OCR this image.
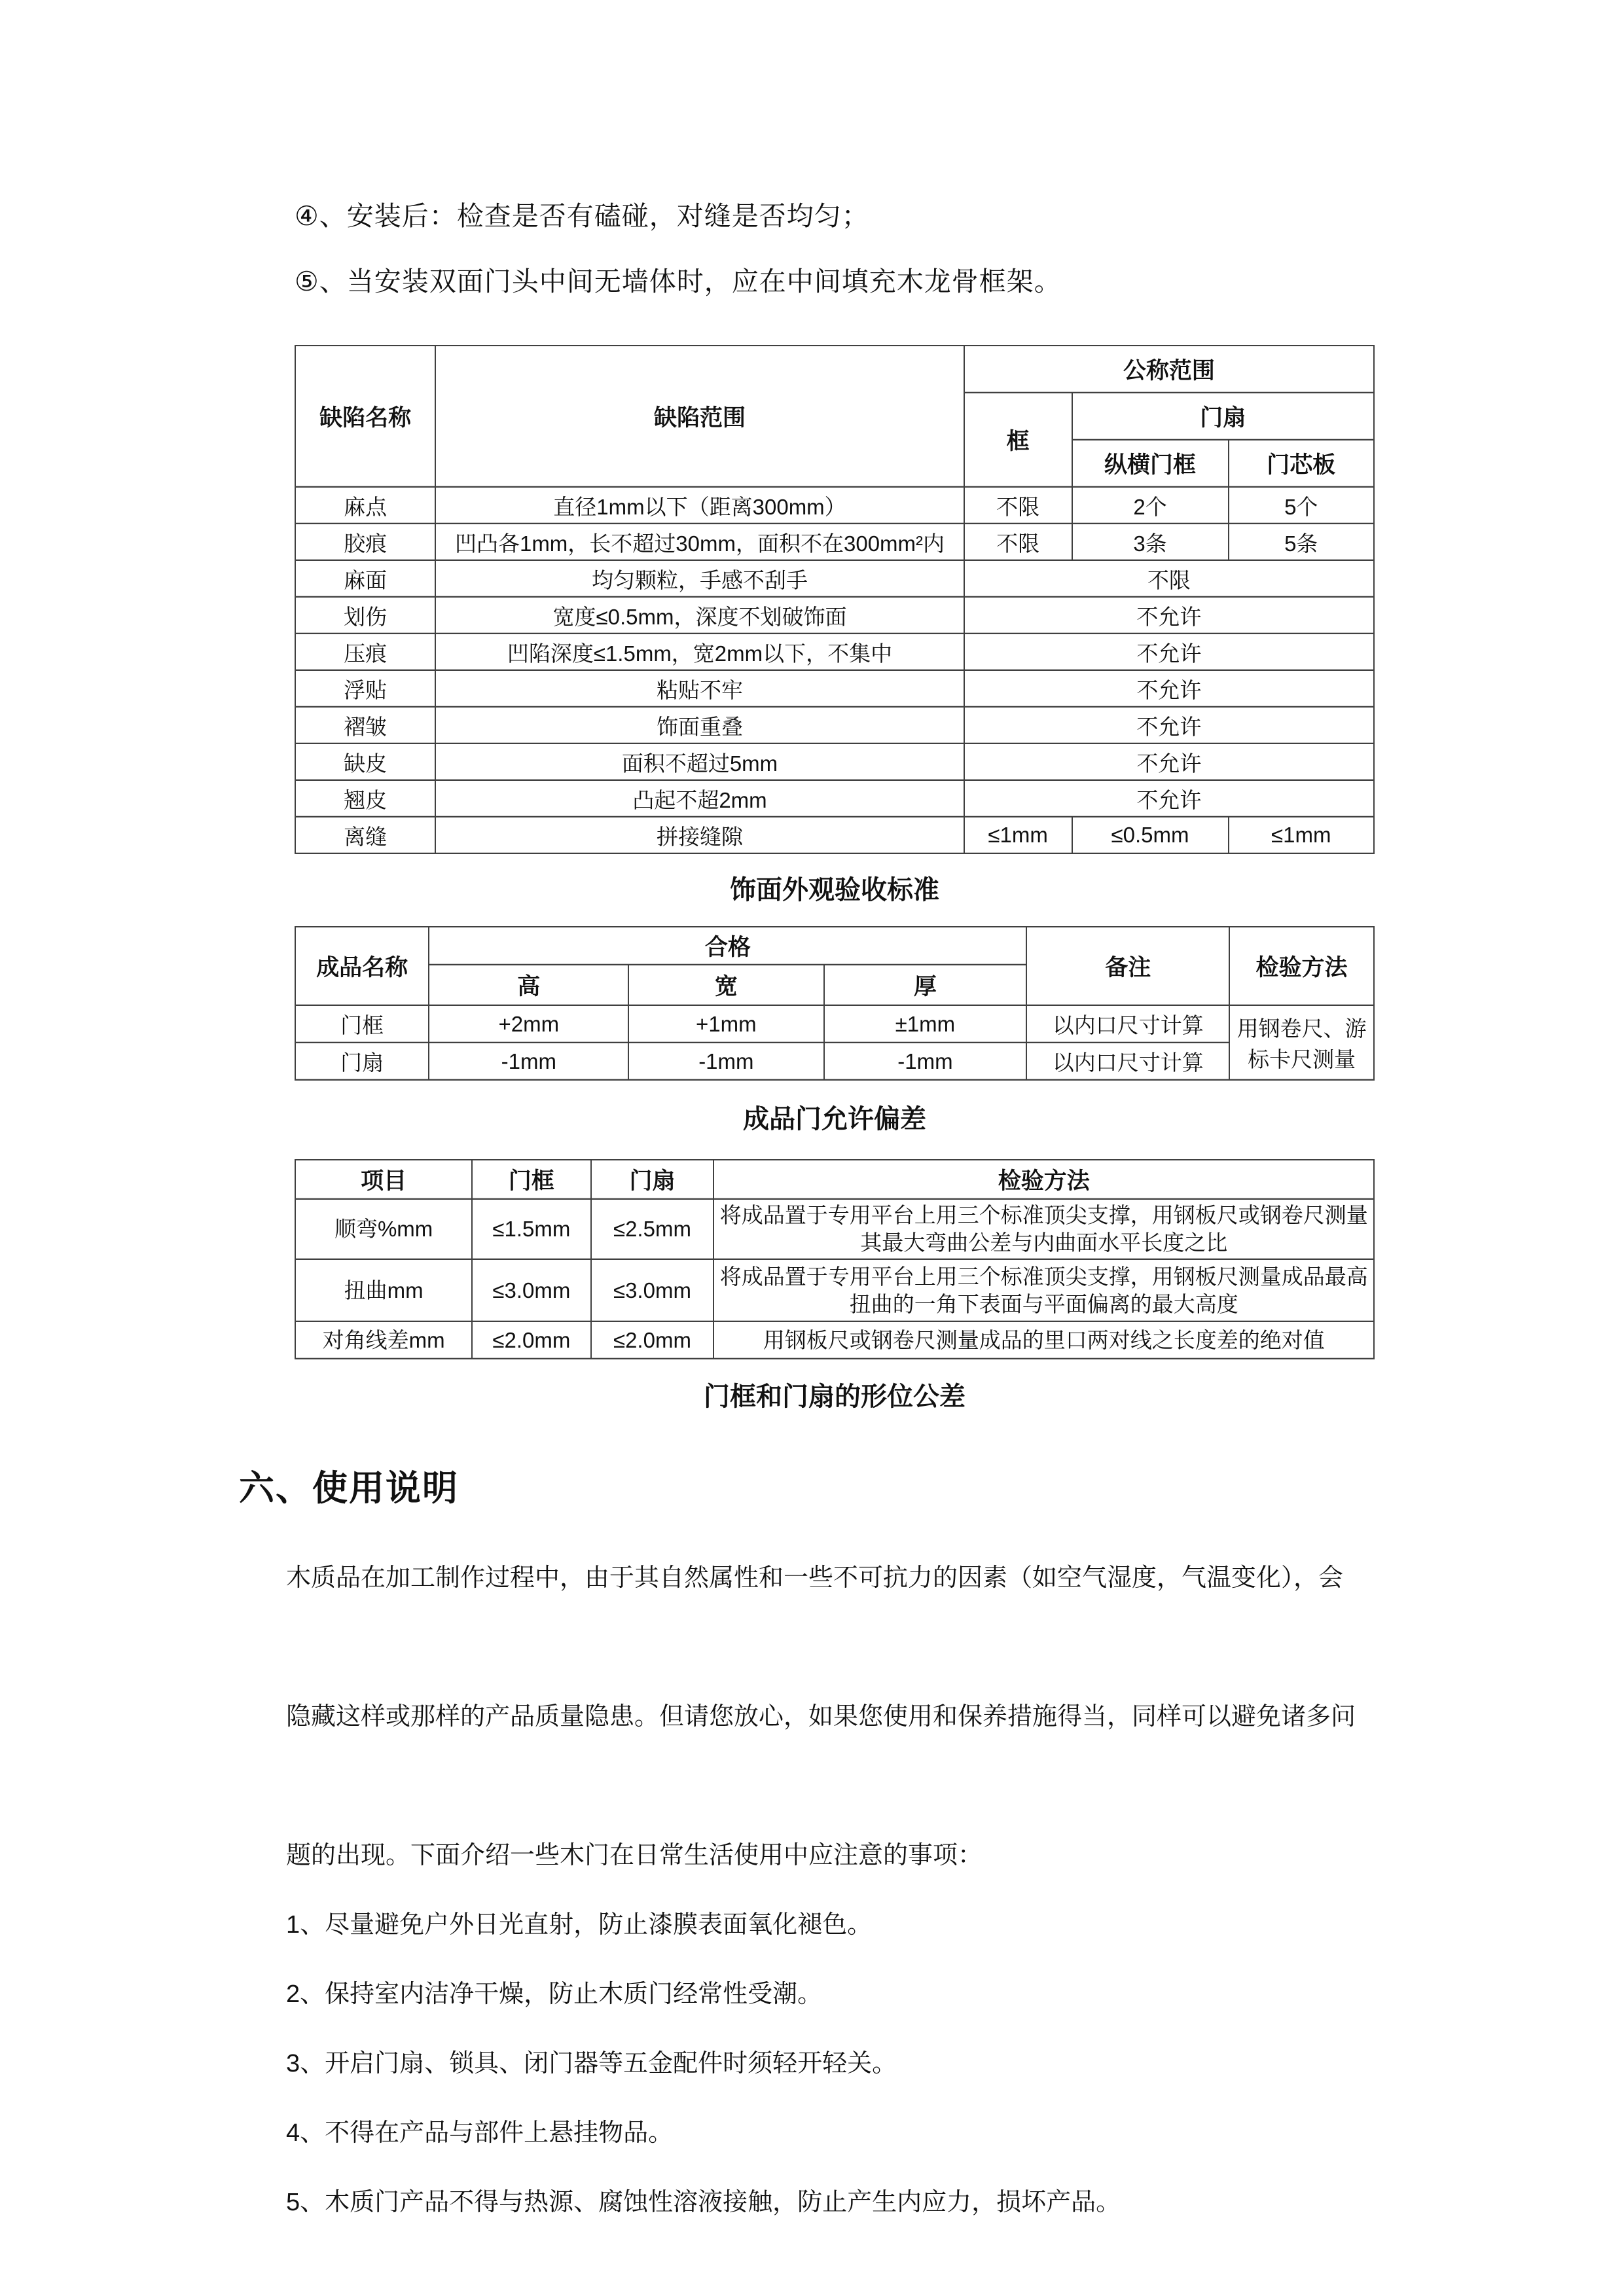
④、安装后：检查是否有磕碰，对缝是否均匀；

⑤、当安装双面门头中间无墙体时，应在中间填充木龙骨框架。

缺陷名称	缺陷范围	公称范围		
		框	门扇	
			纵横门框	门芯板
麻点	直径1mm以下（距离300mm）	不限	2个	5个
胶痕	凹凸各1mm，长不超过30mm，面积不在300mm²内	不限	3条	5条
麻面	均匀颗粒，手感不刮手	不限		
划伤	宽度≤0.5mm，深度不划破饰面	不允许		
压痕	凹陷深度≤1.5mm，宽2mm以下，不集中	不允许		
浮贴	粘贴不牢	不允许		
褶皱	饰面重叠	不允许		
缺皮	面积不超过5mm	不允许		
翘皮	凸起不超2mm	不允许		
离缝	拼接缝隙	≤1mm	≤0.5mm	≤1mm
饰面外观验收标准
成品名称	合格			备注	检验方法
	高	宽	厚		
门框	+2mm	+1mm	±1mm	以内口尺寸计算	用钢卷尺、游标卡尺测量
门扇	-1mm	-1mm	-1mm	以内口尺寸计算	
成品门允许偏差
项目	门框	门扇	检验方法
顺弯%mm	≤1.5mm	≤2.5mm	将成品置于专用平台上用三个标准顶尖支撑，用钢板尺或钢卷尺测量其最大弯曲公差与内曲面水平长度之比
扭曲mm	≤3.0mm	≤3.0mm	将成品置于专用平台上用三个标准顶尖支撑，用钢板尺测量成品最高扭曲的一角下表面与平面偏离的最大高度
对角线差mm	≤2.0mm	≤2.0mm	用钢板尺或钢卷尺测量成品的里口两对线之长度差的绝对值
门框和门扇的形位公差
六、使用说明

木质品在加工制作过程中，由于其自然属性和一些不可抗力的因素（如空气湿度，气温变化），会

隐藏这样或那样的产品质量隐患。但请您放心，如果您使用和保养措施得当，同样可以避免诸多问

题的出现。下面介绍一些木门在日常生活使用中应注意的事项：

1、尽量避免户外日光直射，防止漆膜表面氧化褪色。

2、保持室内洁净干燥，防止木质门经常性受潮。

3、开启门扇、锁具、闭门器等五金配件时须轻开轻关。

4、不得在产品与部件上悬挂物品。

5、木质门产品不得与热源、腐蚀性溶液接触，防止产生内应力，损坏产品。
